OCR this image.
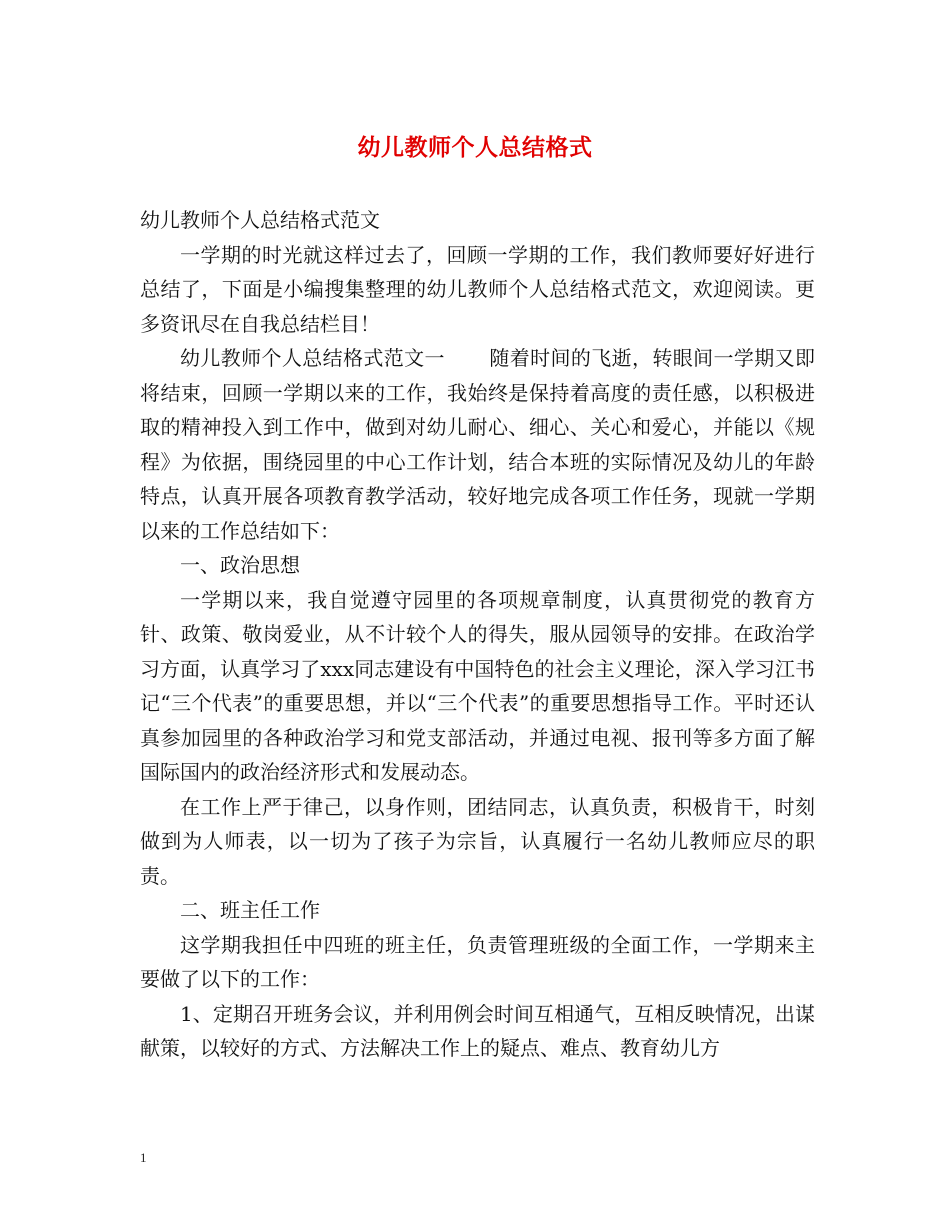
幼儿教师个人总结格式

幼儿教师个人总结格式范文

一学期的时光就这样过去了，回顾一学期的工作，我们教师要好好进行总结了，下面是小编搜集整理的幼儿教师个人总结格式范文，欢迎阅读。更多资讯尽在自我总结栏目！

幼儿教师个人总结格式范文一 随着时间的飞逝，转眼间一学期又即将结束，回顾一学期以来的工作，我始终是保持着高度的责任感，以积极进取的精神投入到工作中，做到对幼儿耐心、细心、关心和爱心，并能以《规程》为依据，围绕园里的中心工作计划，结合本班的实际情况及幼儿的年龄特点，认真开展各项教育教学活动，较好地完成各项工作任务，现就一学期以来的工作总结如下：

一、政治思想

一学期以来，我自觉遵守园里的各项规章制度，认真贯彻党的教育方针、政策、敬岗爱业，从不计较个人的得失，服从园领导的安排。在政治学习方面，认真学习了xxx同志建设有中国特色的社会主义理论，深入学习江书记“三个代表”的重要思想，并以“三个代表”的重要思想指导工作。平时还认真参加园里的各种政治学习和党支部活动，并通过电视、报刊等多方面了解国际国内的政治经济形式和发展动态。

在工作上严于律己，以身作则，团结同志，认真负责，积极肯干，时刻做到为人师表，以一切为了孩子为宗旨，认真履行一名幼儿教师应尽的职责。

二、班主任工作

这学期我担任中四班的班主任，负责管理班级的全面工作，一学期来主要做了以下的工作：

1、定期召开班务会议，并利用例会时间互相通气，互相反映情况，出谋献策，以较好的方式、方法解决工作上的疑点、难点、教育幼儿方

1
